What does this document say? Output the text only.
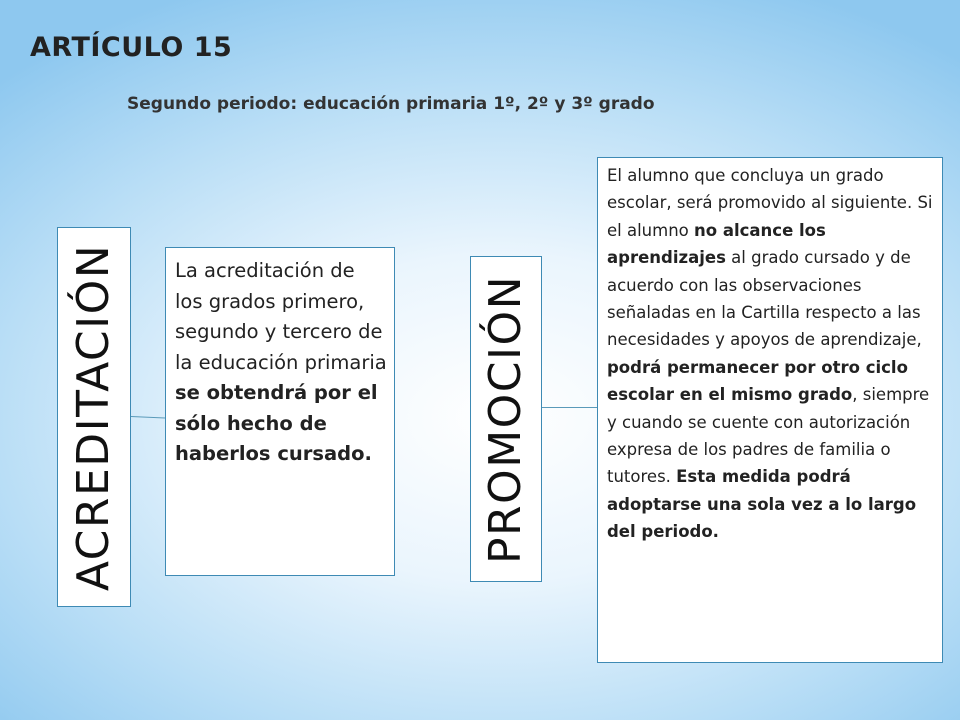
ARTÍCULO 15
Segundo periodo: educación primaria 1º, 2º y 3º grado
ACREDITACIÓN	La acreditación de los grados primero, segundo y tercero de la educación primaria se obtendrá por el sólo hecho de haberlos cursado.	PROMOCIÓN
El alumno que concluya un grado escolar, será promovido al siguiente. Si el alumno no alcance los aprendizajes al grado cursado y de acuerdo con las observaciones señaladas en la Cartilla respecto a las necesidades y apoyos de aprendizaje, podrá permanecer por otro ciclo escolar en el mismo grado, siempre y cuando se cuente con autorización expresa de los padres de familia o tutores. Esta medida podrá adoptarse una sola vez a lo largo del periodo.
